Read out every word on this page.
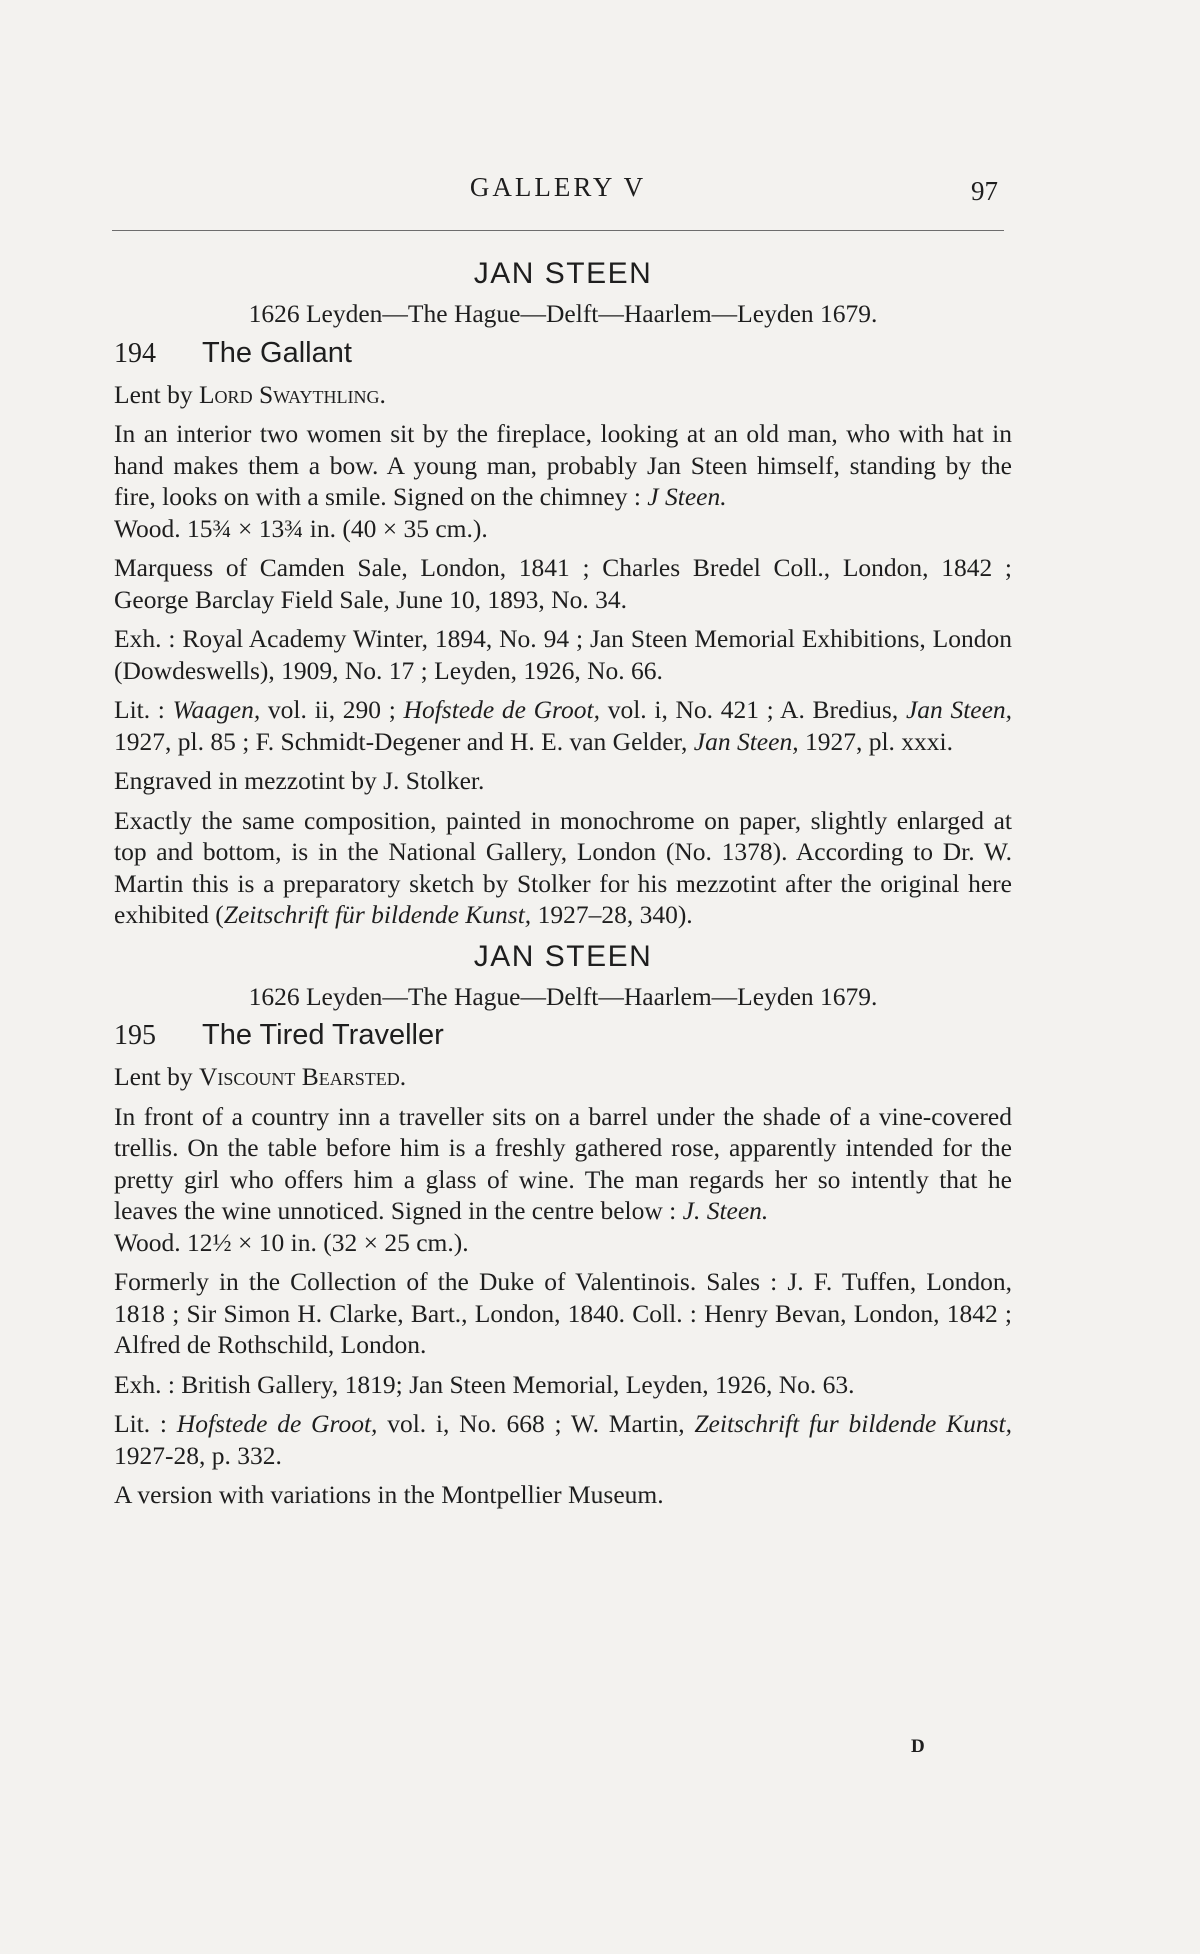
GALLERY V	97
JAN STEEN
1626 Leyden—The Hague—Delft—Haarlem—Leyden 1679.
194 The Gallant

Lent by Lord Swaythling.

In an interior two women sit by the fireplace, looking at an old man, who with hat in hand makes them a bow. A young man, probably Jan Steen himself, standing by the fire, looks on with a smile. Signed on the chimney : J Steen.

Wood. 15¾ × 13¾ in. (40 × 35 cm.).

Marquess of Camden Sale, London, 1841 ; Charles Bredel Coll., London, 1842 ; George Barclay Field Sale, June 10, 1893, No. 34.

Exh. : Royal Academy Winter, 1894, No. 94 ; Jan Steen Memorial Exhibitions, London (Dowdeswells), 1909, No. 17 ; Leyden, 1926, No. 66.

Lit. : Waagen, vol. ii, 290 ; Hofstede de Groot, vol. i, No. 421 ; A. Bredius, Jan Steen, 1927, pl. 85 ; F. Schmidt-Degener and H. E. van Gelder, Jan Steen, 1927, pl. xxxi.

Engraved in mezzotint by J. Stolker.

Exactly the same composition, painted in monochrome on paper, slightly enlarged at top and bottom, is in the National Gallery, London (No. 1378). According to Dr. W. Martin this is a preparatory sketch by Stolker for his mezzotint after the original here exhibited (Zeitschrift für bildende Kunst, 1927–28, 340).

JAN STEEN
1626 Leyden—The Hague—Delft—Haarlem—Leyden 1679.
195 The Tired Traveller

Lent by Viscount Bearsted.

In front of a country inn a traveller sits on a barrel under the shade of a vine-covered trellis. On the table before him is a freshly gathered rose, apparently intended for the pretty girl who offers him a glass of wine. The man regards her so intently that he leaves the wine unnoticed. Signed in the centre below : J. Steen.

Wood. 12½ × 10 in. (32 × 25 cm.).

Formerly in the Collection of the Duke of Valentinois. Sales : J. F. Tuffen, London, 1818 ; Sir Simon H. Clarke, Bart., London, 1840. Coll. : Henry Bevan, London, 1842 ; Alfred de Rothschild, London.

Exh. : British Gallery, 1819; Jan Steen Memorial, Leyden, 1926, No. 63.

Lit. : Hofstede de Groot, vol. i, No. 668 ; W. Martin, Zeitschrift fur bildende Kunst, 1927-28, p. 332.

A version with variations in the Montpellier Museum.

D
